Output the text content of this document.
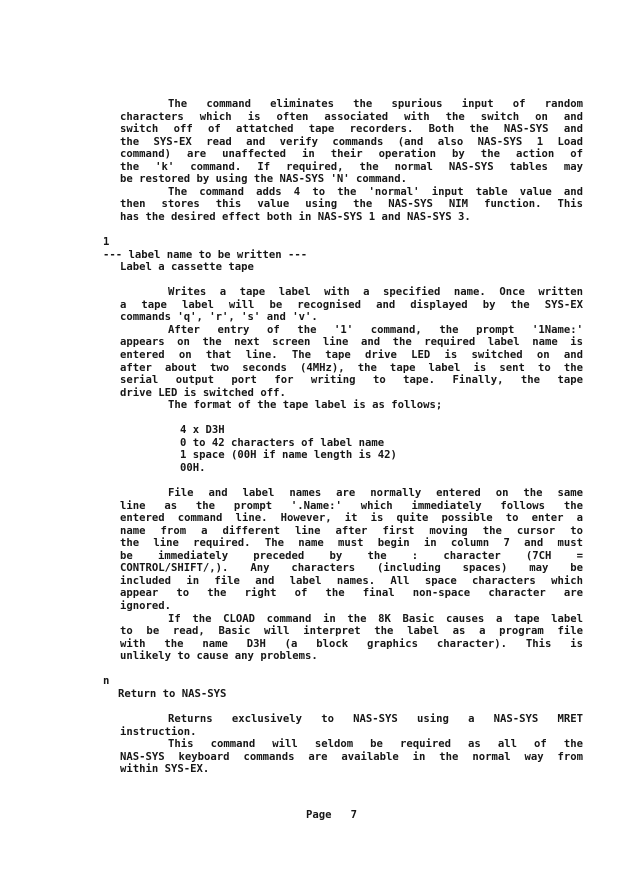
The command eliminates the spurious input of random
characters which is often associated with the switch on and
switch off of attatched tape recorders. Both the NAS-SYS and
the SYS-EX read and verify commands (and also NAS-SYS 1 Load
command) are unaffected in their operation by the action of
the 'k' command. If required, the normal NAS-SYS tables may
be restored by using the NAS-SYS 'N' command.
The command adds 4 to the 'normal' input table value and
then stores this value using the NAS-SYS NIM function. This
has the desired effect both in NAS-SYS 1 and NAS-SYS 3.
1
--- label name to be written ---
Label a cassette tape
Writes a tape label with a specified name. Once written
a tape label will be recognised and displayed by the SYS-EX
commands 'q', 'r', 's' and 'v'.
After entry of the '1' command, the prompt '1Name:'
appears on the next screen line and the required label name is
entered on that line. The tape drive LED is switched on and
after about two seconds (4MHz), the tape label is sent to the
serial output port for writing to tape. Finally, the tape
drive LED is switched off.
The format of the tape label is as follows;
4 x D3H
0 to 42 characters of label name
1 space (00H if name length is 42)
00H.
File and label names are normally entered on the same
line as the prompt '.Name:' which immediately follows the
entered command line. However, it is quite possible to enter a
name from a different line after first moving the cursor to
the line required. The name must begin in column 7 and must
be immediately preceded by the : character (7CH =
CONTROL/SHIFT/,). Any characters (including spaces) may be
included in file and label names. All space characters which
appear to the right of the final non-space character are
ignored.
If the CLOAD command in the 8K Basic causes a tape label
to be read, Basic will interpret the label as a program file
with the name D3H (a block graphics character). This is
unlikely to cause any problems.
n
Return to NAS-SYS
Returns exclusively to NAS-SYS using a NAS-SYS MRET
instruction.
This command will seldom be required as all of the
NAS-SYS keyboard commands are available in the normal way from
within SYS-EX.
Page   7
